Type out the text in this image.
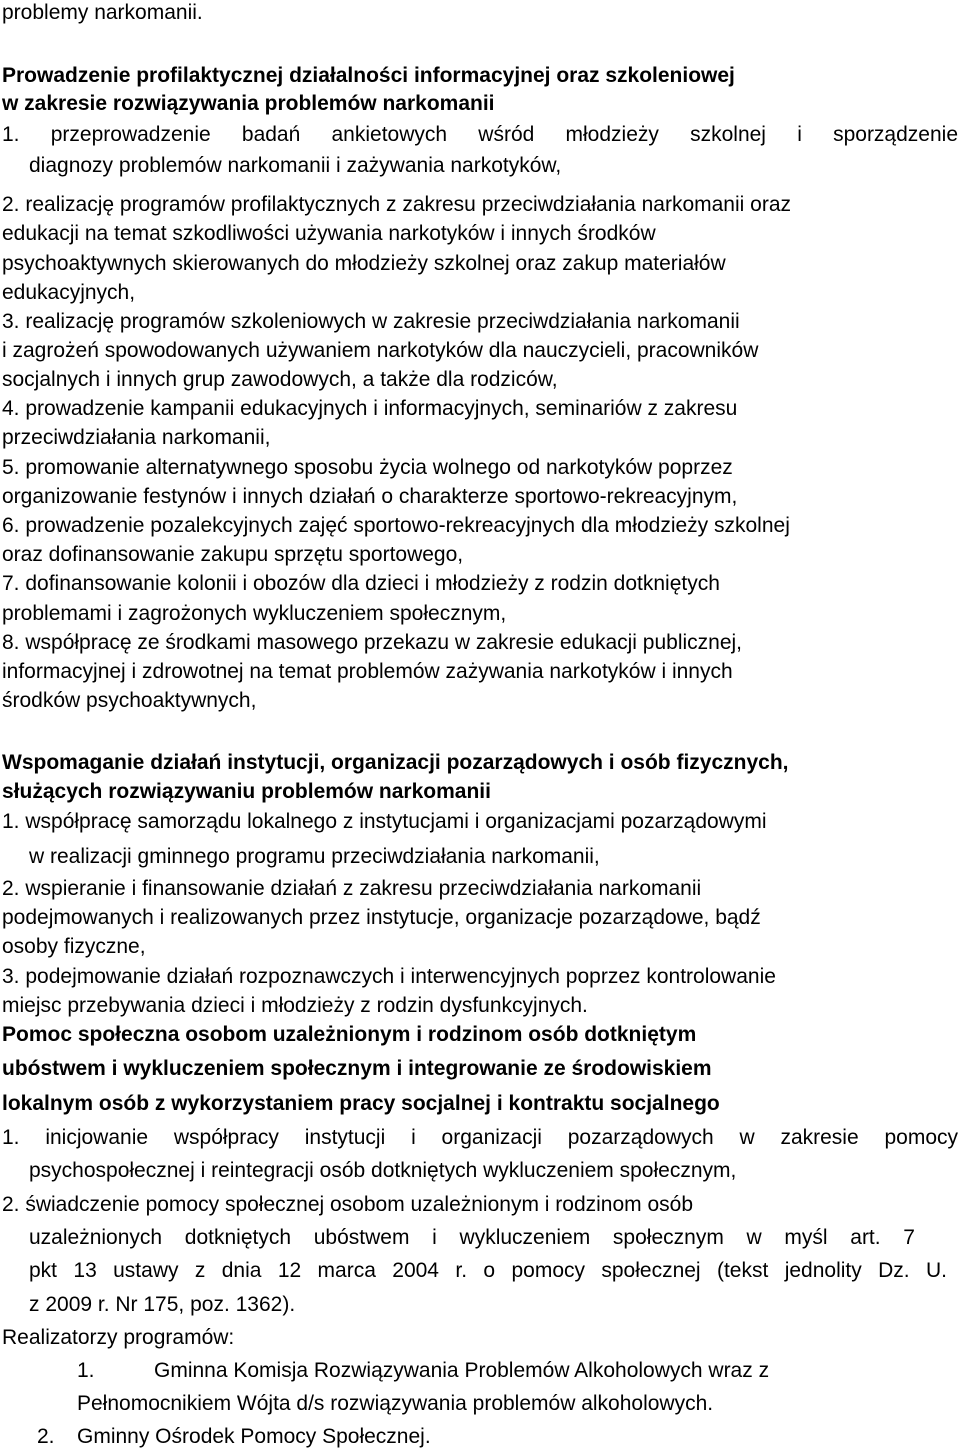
problemy narkomanii.
Prowadzenie profilaktycznej działalności informacyjnej oraz szkoleniowej
w zakresie rozwiązywania problemów narkomanii
1. przeprowadzenie badań ankietowych wśród młodzieży szkolnej i sporządzenie
diagnozy problemów narkomanii i zażywania narkotyków,
2. realizację programów profilaktycznych z zakresu przeciwdziałania narkomanii oraz
edukacji na temat szkodliwości używania narkotyków i innych środków
psychoaktywnych skierowanych do młodzieży szkolnej oraz zakup materiałów
edukacyjnych,
3. realizację programów szkoleniowych w zakresie przeciwdziałania narkomanii
i zagrożeń spowodowanych używaniem narkotyków dla nauczycieli, pracowników
socjalnych i innych grup zawodowych, a także dla rodziców,
4. prowadzenie kampanii edukacyjnych i informacyjnych, seminariów z zakresu
przeciwdziałania narkomanii,
5. promowanie alternatywnego sposobu życia wolnego od narkotyków poprzez
organizowanie festynów i innych działań o charakterze sportowo-rekreacyjnym,
6. prowadzenie pozalekcyjnych zajęć sportowo-rekreacyjnych dla młodzieży szkolnej
oraz dofinansowanie zakupu sprzętu sportowego,
7. dofinansowanie kolonii i obozów dla dzieci i młodzieży z rodzin dotkniętych
problemami i zagrożonych wykluczeniem społecznym,
8. współpracę ze środkami masowego przekazu w zakresie edukacji publicznej,
informacyjnej i zdrowotnej na temat problemów zażywania narkotyków i innych
środków psychoaktywnych,
Wspomaganie działań instytucji, organizacji pozarządowych i osób fizycznych,
służących rozwiązywaniu problemów narkomanii
1. współpracę samorządu lokalnego z instytucjami i organizacjami pozarządowymi
w realizacji gminnego programu przeciwdziałania narkomanii,
2. wspieranie i finansowanie działań z zakresu przeciwdziałania narkomanii
podejmowanych i realizowanych przez instytucje, organizacje pozarządowe, bądź
osoby fizyczne,
3. podejmowanie działań rozpoznawczych i interwencyjnych poprzez kontrolowanie
miejsc przebywania dzieci i młodzieży z rodzin dysfunkcyjnych.
Pomoc społeczna osobom uzależnionym i rodzinom osób dotkniętym
ubóstwem i wykluczeniem społecznym i integrowanie ze środowiskiem
lokalnym osób z wykorzystaniem pracy socjalnej i kontraktu socjalnego
1. inicjowanie współpracy instytucji i organizacji pozarządowych w zakresie pomocy
psychospołecznej i reintegracji osób dotkniętych wykluczeniem społecznym,
2. świadczenie pomocy społecznej osobom uzależnionym i rodzinom osób
uzależnionych dotkniętych ubóstwem i wykluczeniem społecznym w myśl art. 7
pkt 13 ustawy z dnia 12 marca 2004 r. o pomocy społecznej (tekst jednolity Dz. U.
z 2009 r. Nr 175, poz. 1362).
Realizatorzy programów:
1.	Gminna Komisja Rozwiązywania Problemów Alkoholowych wraz z
Pełnomocnikiem Wójta d/s rozwiązywania problemów alkoholowych.
2. Gminny Ośrodek Pomocy Społecznej.
